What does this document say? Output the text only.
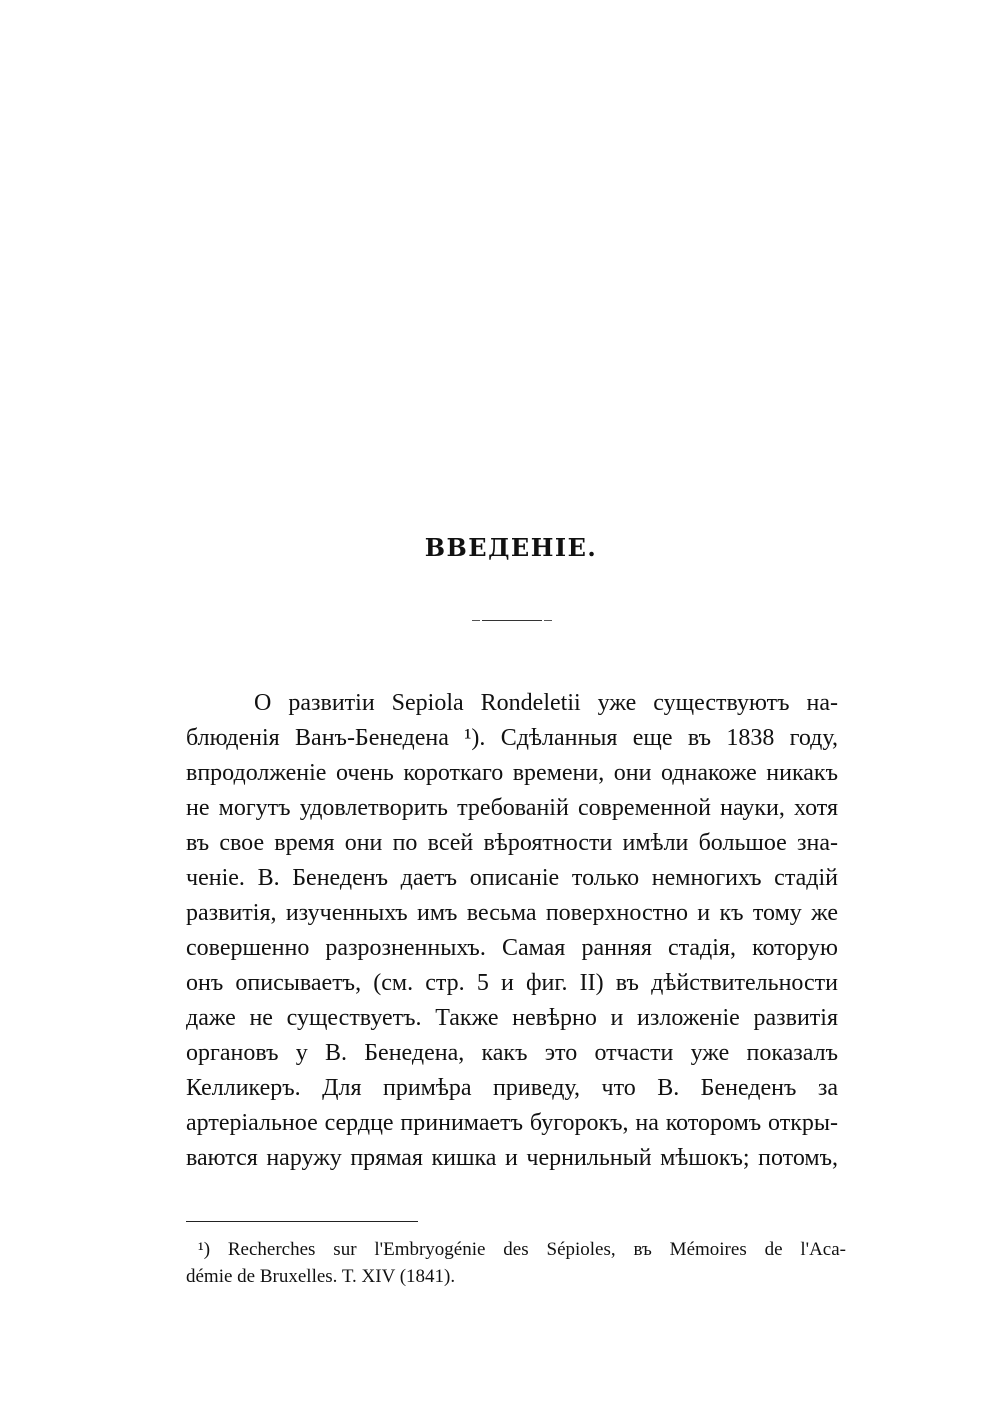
ВВЕДЕНІЕ.
О развитіи Sepiola Rondeletii уже существуютъ на-
блюденія Ванъ-Бенедена ¹). Сдѣланныя еще въ 1838 году,
впродолженіе очень короткаго времени, они однакоже никакъ
не могутъ удовлетворить требованій современной науки, хотя
въ свое время они по всей вѣроятности имѣли большое зна-
ченіе. В. Бенеденъ даетъ описаніе только немногихъ стадій
развитія, изученныхъ имъ весьма поверхностно и къ тому же
совершенно разрозненныхъ. Самая ранняя стадія, которую
онъ описываетъ, (см. стр. 5 и фиг. II) въ дѣйствительности
даже не существуетъ. Также невѣрно и изложеніе развитія
органовъ у В. Бенедена, какъ это отчасти уже показалъ
Келликеръ. Для примѣра приведу, что В. Бенеденъ за
артеріальное сердце принимаетъ бугорокъ, на которомъ откры-
ваются наружу прямая кишка и чернильный мѣшокъ; потомъ,
¹) Recherches sur l'Embryogénie des Sépioles, въ Mémoires de l'Aca-
démie de Bruxelles. T. XIV (1841).
